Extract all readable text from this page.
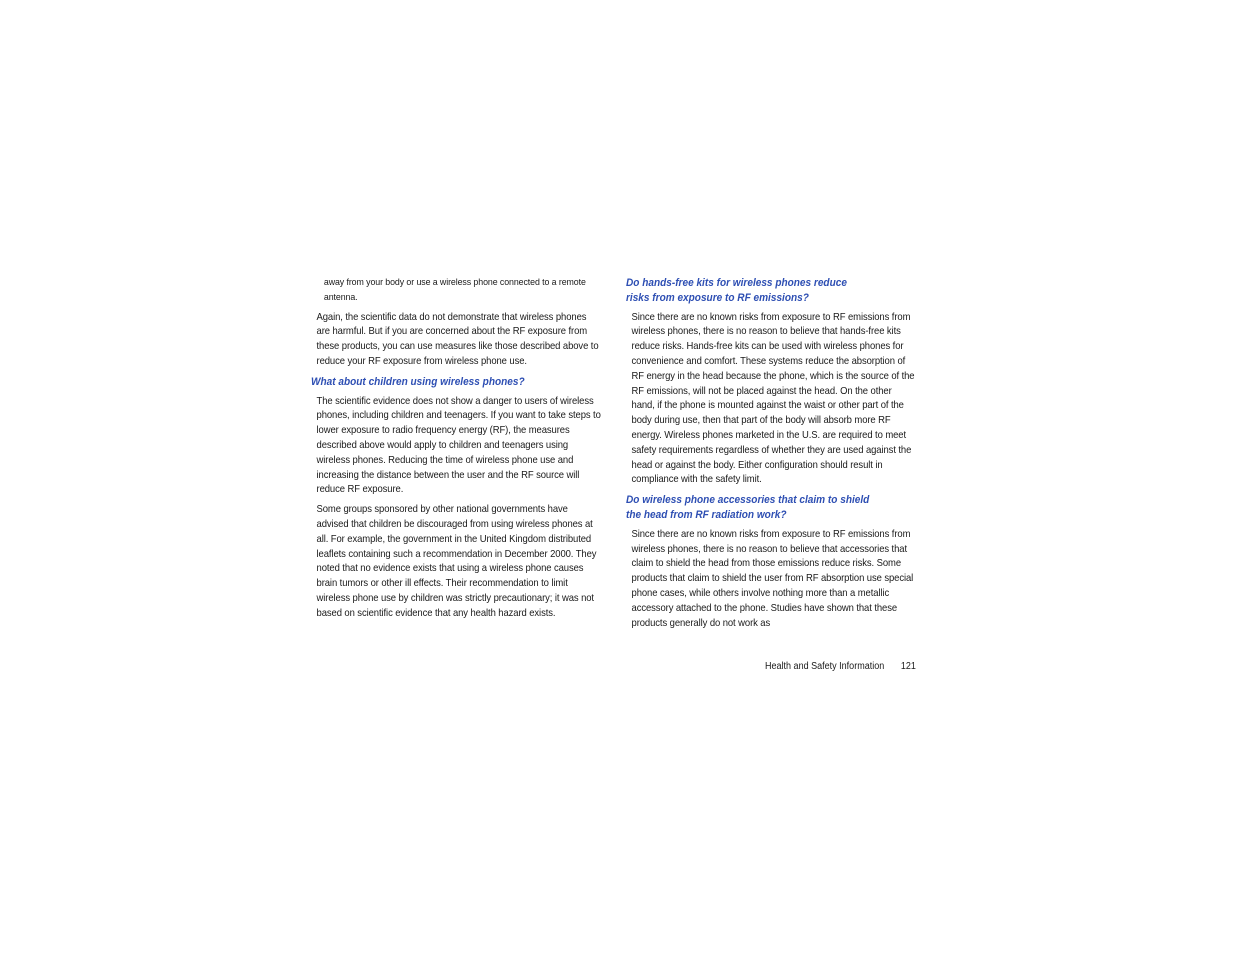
away from your body or use a wireless phone connected to a remote antenna.

Again, the scientific data do not demonstrate that wireless phones are harmful. But if you are concerned about the RF exposure from these products, you can use measures like those described above to reduce your RF exposure from wireless phone use.

What about children using wireless phones?

The scientific evidence does not show a danger to users of wireless phones, including children and teenagers. If you want to take steps to lower exposure to radio frequency energy (RF), the measures described above would apply to children and teenagers using wireless phones. Reducing the time of wireless phone use and increasing the distance between the user and the RF source will reduce RF exposure.

Some groups sponsored by other national governments have advised that children be discouraged from using wireless phones at all. For example, the government in the United Kingdom distributed leaflets containing such a recommendation in December 2000. They noted that no evidence exists that using a wireless phone causes brain tumors or other ill effects. Their recommendation to limit wireless phone use by children was strictly precautionary; it was not based on scientific evidence that any health hazard exists.

Do hands-free kits for wireless phones reduce
risks from exposure to RF emissions?

Since there are no known risks from exposure to RF emissions from wireless phones, there is no reason to believe that hands-free kits reduce risks. Hands-free kits can be used with wireless phones for convenience and comfort. These systems reduce the absorption of RF energy in the head because the phone, which is the source of the RF emissions, will not be placed against the head. On the other hand, if the phone is mounted against the waist or other part of the body during use, then that part of the body will absorb more RF energy. Wireless phones marketed in the U.S. are required to meet safety requirements regardless of whether they are used against the head or against the body. Either configuration should result in compliance with the safety limit.

Do wireless phone accessories that claim to shield
the head from RF radiation work?

Since there are no known risks from exposure to RF emissions from wireless phones, there is no reason to believe that accessories that claim to shield the head from those emissions reduce risks. Some products that claim to shield the user from RF absorption use special phone cases, while others involve nothing more than a metallic accessory attached to the phone. Studies have shown that these products generally do not work as

Health and Safety Information 121
